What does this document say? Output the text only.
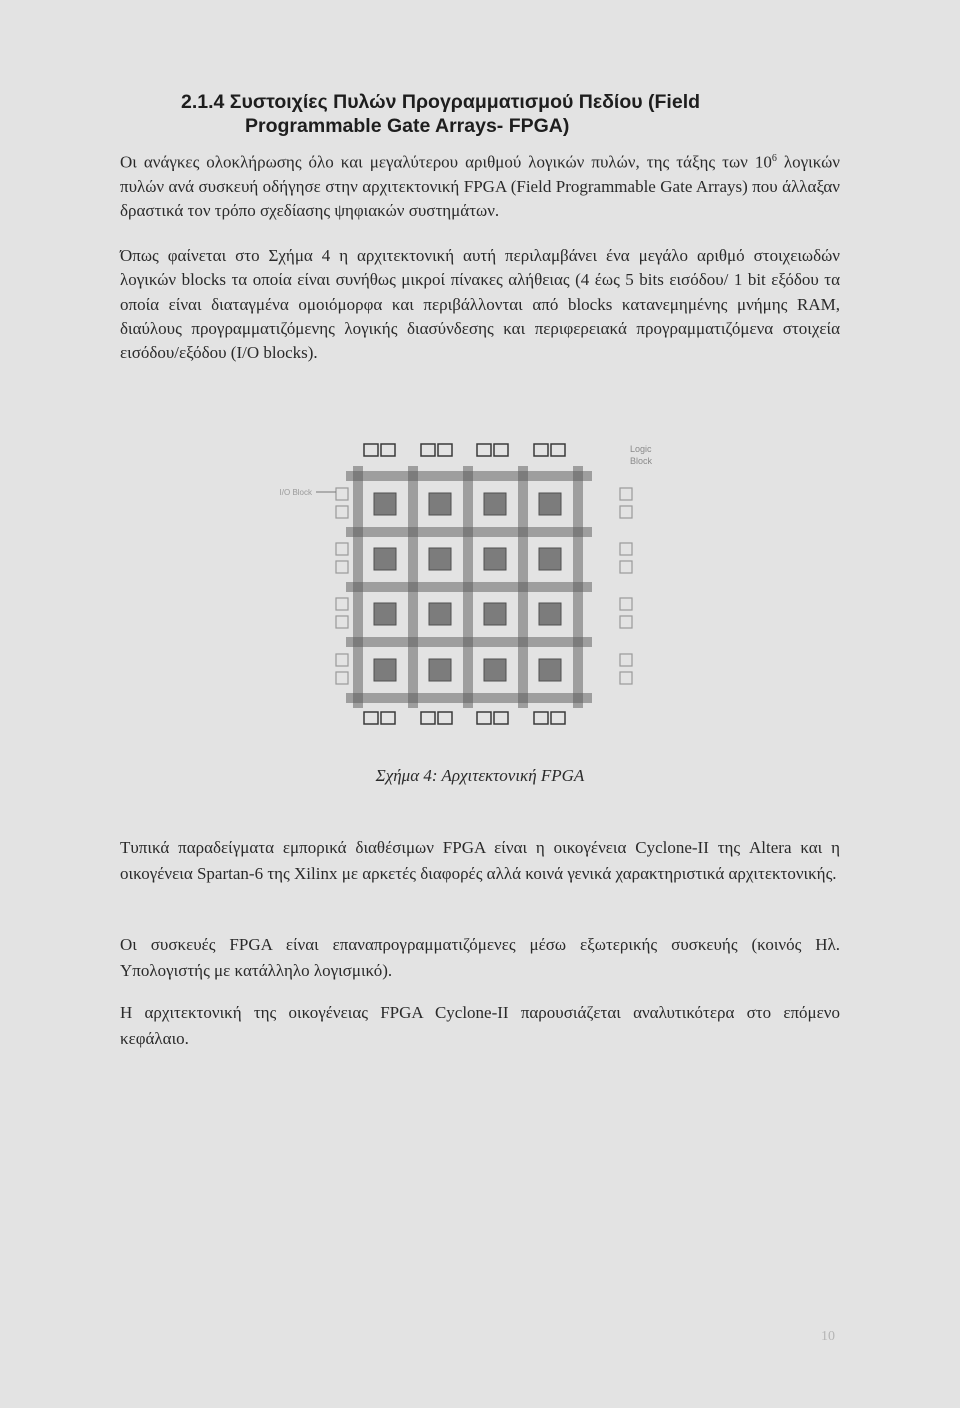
2.1.4 Συστοιχίες Πυλών Προγραμματισμού Πεδίου (Field
Programmable Gate Arrays- FPGA)

Οι ανάγκες ολοκλήρωσης όλο και μεγαλύτερου αριθμού λογικών πυλών, της τάξης των $10^6$ λογικών πυλών ανά συσκευή οδήγησε στην αρχιτεκτονική FPGA (Field Programmable Gate Arrays) που άλλαξαν δραστικά τον τρόπο σχεδίασης ψηφιακών συστημάτων.

Όπως φαίνεται στο Σχήμα 4 η αρχιτεκτονική αυτή περιλαμβάνει ένα μεγάλο αριθμό στοιχειωδών λογικών blocks τα οποία είναι συνήθως μικροί πίνακες αλήθειας (4 έως 5 bits εισόδου/ 1 bit εξόδου τα οποία είναι διαταγμένα ομοιόμορφα και περιβάλλονται από blocks κατανεμημένης μνήμης RAM, διαύλους προγραμματιζόμενης λογικής διασύνδεσης και περιφερειακά προγραμματιζόμενα στοιχεία εισόδου/εξόδου (I/O blocks).

Logic
Block
I/O Block

Σχήμα 4: Αρχιτεκτονική FPGA

Τυπικά παραδείγματα εμπορικά διαθέσιμων FPGA είναι η οικογένεια Cyclone-II της Altera και η οικογένεια Spartan-6 της Xilinx με αρκετές διαφορές αλλά κοινά γενικά χαρακτηριστικά αρχιτεκτονικής.

Οι συσκευές FPGA είναι επαναπρογραμματιζόμενες μέσω εξωτερικής συσκευής (κοινός Ηλ. Υπολογιστής με κατάλληλο λογισμικό).

Η αρχιτεκτονική της οικογένειας FPGA Cyclone-II παρουσιάζεται αναλυτικότερα στο επόμενο κεφάλαιο.

10
